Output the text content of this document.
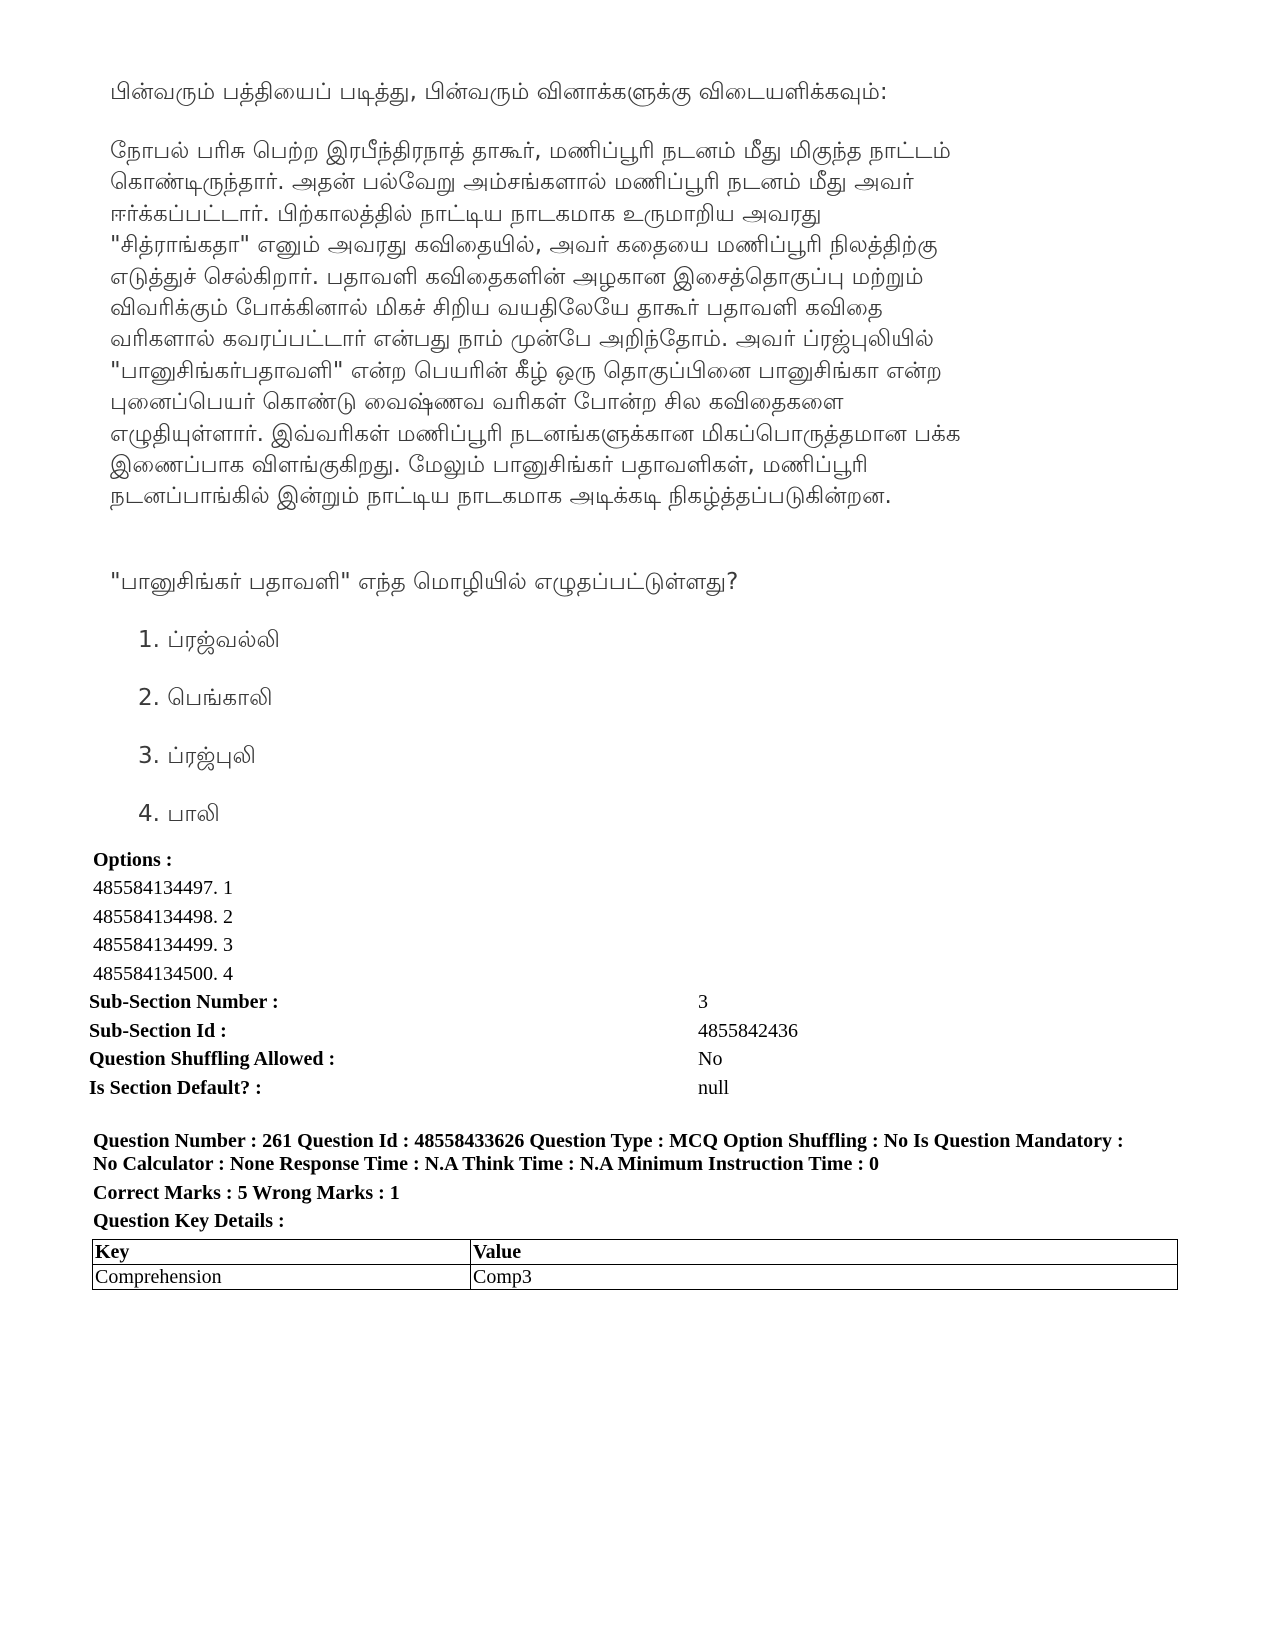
பின்வரும் பத்தியைப் படித்து, பின்வரும் வினாக்களுக்கு விடையளிக்கவும்:

நோபல் பரிசு பெற்ற இரபீந்திரநாத் தாகூர், மணிப்பூரி நடனம் மீது மிகுந்த நாட்டம்

கொண்டிருந்தார். அதன் பல்வேறு அம்சங்களால் மணிப்பூரி நடனம் மீது அவர்

ஈர்க்கப்பட்டார். பிற்காலத்தில் நாட்டிய நாடகமாக உருமாறிய அவரது

"சித்ராங்கதா" எனும் அவரது கவிதையில், அவர் கதையை மணிப்பூரி நிலத்திற்கு

எடுத்துச் செல்கிறார். பதாவளி கவிதைகளின் அழகான இசைத்தொகுப்பு மற்றும்

விவரிக்கும் போக்கினால் மிகச் சிறிய வயதிலேயே தாகூர் பதாவளி கவிதை

வரிகளால் கவரப்பட்டார் என்பது நாம் முன்பே அறிந்தோம். அவர் ப்ரஜ்புலியில்

"பானுசிங்கர்பதாவளி" என்ற பெயரின் கீழ் ஒரு தொகுப்பினை பானுசிங்கா என்ற

புனைப்பெயர் கொண்டு வைஷ்ணவ வரிகள் போன்ற சில கவிதைகளை

எழுதியுள்ளார். இவ்வரிகள் மணிப்பூரி நடனங்களுக்கான மிகப்பொருத்தமான பக்க

இணைப்பாக விளங்குகிறது. மேலும் பானுசிங்கர் பதாவளிகள், மணிப்பூரி

நடனப்பாங்கில் இன்றும் நாட்டிய நாடகமாக அடிக்கடி நிகழ்த்தப்படுகின்றன.

"பானுசிங்கர் பதாவளி" எந்த மொழியில் எழுதப்பட்டுள்ளது?
1. ப்ரஜ்வல்லி
2. பெங்காலி
3. ப்ரஜ்புலி
4. பாலி
Options :
485584134497. 1
485584134498. 2
485584134499. 3
485584134500. 4
Sub-Section Number :	3
Sub-Section Id :	4855842436
Question Shuffling Allowed :	No
Is Section Default? :	null
Question Number : 261 Question Id : 48558433626 Question Type : MCQ Option Shuffling : No Is Question Mandatory :
No Calculator : None Response Time : N.A Think Time : N.A Minimum Instruction Time : 0
Correct Marks : 5 Wrong Marks : 1
Question Key Details :
Key	Value
Comprehension	Comp3
